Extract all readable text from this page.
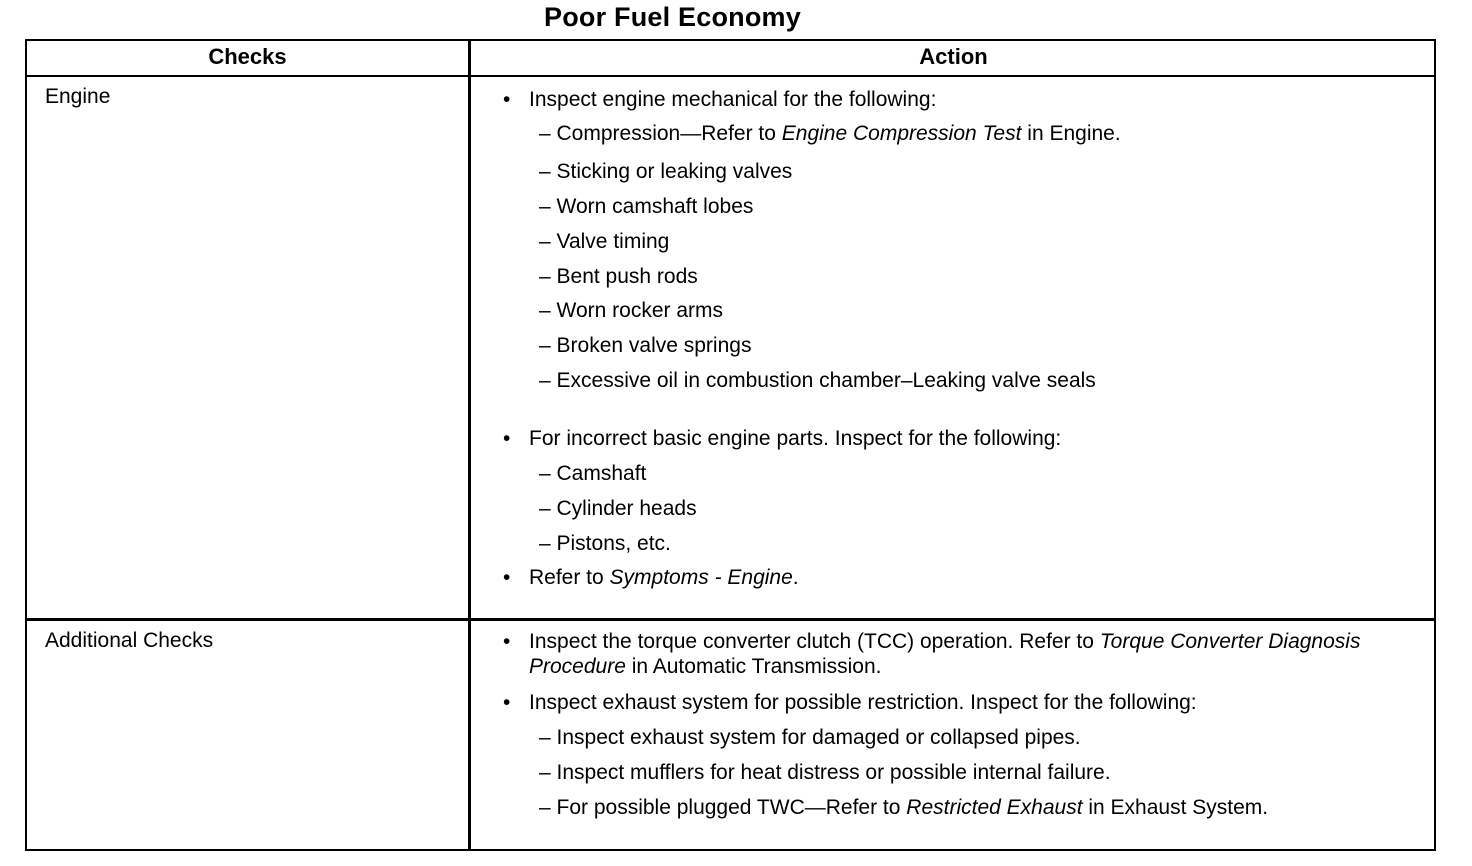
Poor Fuel Economy
Checks	Action
Engine	• Inspect engine mechanical for the following:
– Compression—Refer to Engine Compression Test in Engine.
– Sticking or leaking valves
– Worn camshaft lobes
– Valve timing
– Bent push rods
– Worn rocker arms
– Broken valve springs
– Excessive oil in combustion chamber–Leaking valve seals
• For incorrect basic engine parts. Inspect for the following:
– Camshaft
– Cylinder heads
– Pistons, etc.
• Refer to Symptoms - Engine.
Additional Checks	• Inspect the torque converter clutch (TCC) operation. Refer to Torque Converter Diagnosis Procedure in Automatic Transmission.
• Inspect exhaust system for possible restriction. Inspect for the following:
– Inspect exhaust system for damaged or collapsed pipes.
– Inspect mufflers for heat distress or possible internal failure.
– For possible plugged TWC—Refer to Restricted Exhaust in Exhaust System.
